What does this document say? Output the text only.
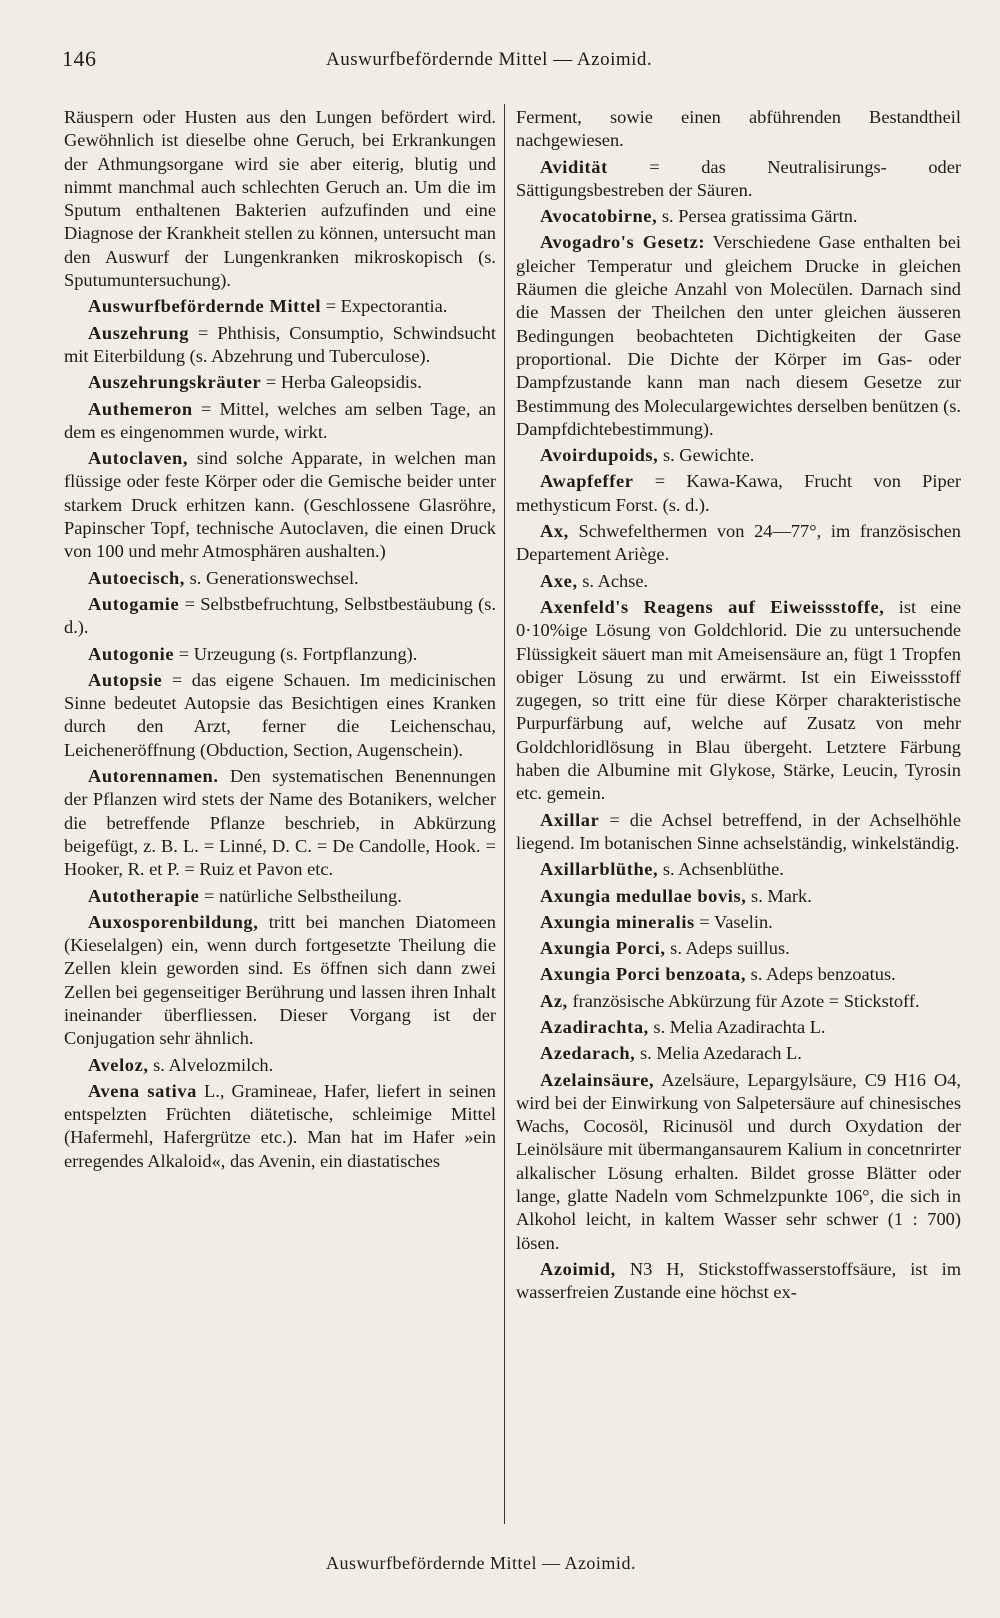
146	Auswurfbefördernde Mittel — Azoimid.

Räuspern oder Husten aus den Lungen befördert wird. Gewöhnlich ist dieselbe ohne Geruch, bei Erkrankungen der Athmungsorgane wird sie aber eiterig, blutig und nimmt manchmal auch schlechten Geruch an. Um die im Sputum enthaltenen Bakterien aufzufinden und eine Diagnose der Krankheit stellen zu können, untersucht man den Auswurf der Lungenkranken mikroskopisch (s. Sputumuntersuchung).

Auswurfbefördernde Mittel = Expectorantia.

Auszehrung = Phthisis, Consumptio, Schwindsucht mit Eiterbildung (s. Abzehrung und Tuberculose).

Auszehrungskräuter = Herba Galeopsidis.

Authemeron = Mittel, welches am selben Tage, an dem es eingenommen wurde, wirkt.

Autoclaven, sind solche Apparate, in welchen man flüssige oder feste Körper oder die Gemische beider unter starkem Druck erhitzen kann. (Geschlossene Glasröhre, Papinscher Topf, technische Autoclaven, die einen Druck von 100 und mehr Atmosphären aushalten.)

Autoecisch, s. Generationswechsel.

Autogamie = Selbstbefruchtung, Selbstbestäubung (s. d.).

Autogonie = Urzeugung (s. Fortpflanzung).

Autopsie = das eigene Schauen. Im medicinischen Sinne bedeutet Autopsie das Besichtigen eines Kranken durch den Arzt, ferner die Leichenschau, Leicheneröffnung (Obduction, Section, Augenschein).

Autorennamen. Den systematischen Benennungen der Pflanzen wird stets der Name des Botanikers, welcher die betreffende Pflanze beschrieb, in Abkürzung beigefügt, z. B. L. = Linné, D. C. = De Candolle, Hook. = Hooker, R. et P. = Ruiz et Pavon etc.

Autotherapie = natürliche Selbstheilung.

Auxosporenbildung, tritt bei manchen Diatomeen (Kieselalgen) ein, wenn durch fortgesetzte Theilung die Zellen klein geworden sind. Es öffnen sich dann zwei Zellen bei gegenseitiger Berührung und lassen ihren Inhalt ineinander überfliessen. Dieser Vorgang ist der Conjugation sehr ähnlich.

Aveloz, s. Alvelozmilch.

Avena sativa L., Gramineae, Hafer, liefert in seinen entspelzten Früchten diätetische, schleimige Mittel (Hafermehl, Hafergrütze etc.). Man hat im Hafer »ein erregendes Alkaloid«, das Avenin, ein diastatisches

Ferment, sowie einen abführenden Bestandtheil nachgewiesen.

Avidität = das Neutralisirungs- oder Sättigungsbestreben der Säuren.

Avocatobirne, s. Persea gratissima Gärtn.

Avogadro's Gesetz: Verschiedene Gase enthalten bei gleicher Temperatur und gleichem Drucke in gleichen Räumen die gleiche Anzahl von Molecülen. Darnach sind die Massen der Theilchen den unter gleichen äusseren Bedingungen beobachteten Dichtigkeiten der Gase proportional. Die Dichte der Körper im Gas- oder Dampfzustande kann man nach diesem Gesetze zur Bestimmung des Moleculargewichtes derselben benützen (s. Dampfdichtebestimmung).

Avoirdupoids, s. Gewichte.

Awapfeffer = Kawa-Kawa, Frucht von Piper methysticum Forst. (s. d.).

Ax, Schwefelthermen von 24—77°, im französischen Departement Ariège.

Axe, s. Achse.

Axenfeld's Reagens auf Eiweissstoffe, ist eine 0·10%ige Lösung von Goldchlorid. Die zu untersuchende Flüssigkeit säuert man mit Ameisensäure an, fügt 1 Tropfen obiger Lösung zu und erwärmt. Ist ein Eiweissstoff zugegen, so tritt eine für diese Körper charakteristische Purpurfärbung auf, welche auf Zusatz von mehr Goldchloridlösung in Blau übergeht. Letztere Färbung haben die Albumine mit Glykose, Stärke, Leucin, Tyrosin etc. gemein.

Axillar = die Achsel betreffend, in der Achselhöhle liegend. Im botanischen Sinne achselständig, winkelständig.

Axillarblüthe, s. Achsenblüthe.

Axungia medullae bovis, s. Mark.

Axungia mineralis = Vaselin.

Axungia Porci, s. Adeps suillus.

Axungia Porci benzoata, s. Adeps benzoatus.

Az, französische Abkürzung für Azote = Stickstoff.

Azadirachta, s. Melia Azadirachta L.

Azedarach, s. Melia Azedarach L.

Azelainsäure, Azelsäure, Lepargylsäure, C9 H16 O4, wird bei der Einwirkung von Salpetersäure auf chinesisches Wachs, Cocosöl, Ricinusöl und durch Oxydation der Leinölsäure mit übermangansaurem Kalium in concetnrirter alkalischer Lösung erhalten. Bildet grosse Blätter oder lange, glatte Nadeln vom Schmelzpunkte 106°, die sich in Alkohol leicht, in kaltem Wasser sehr schwer (1 : 700) lösen.

Azoimid, N3 H, Stickstoffwasserstoffsäure, ist im wasserfreien Zustande eine höchst ex-

Auswurfbefördernde Mittel — Azoimid.
